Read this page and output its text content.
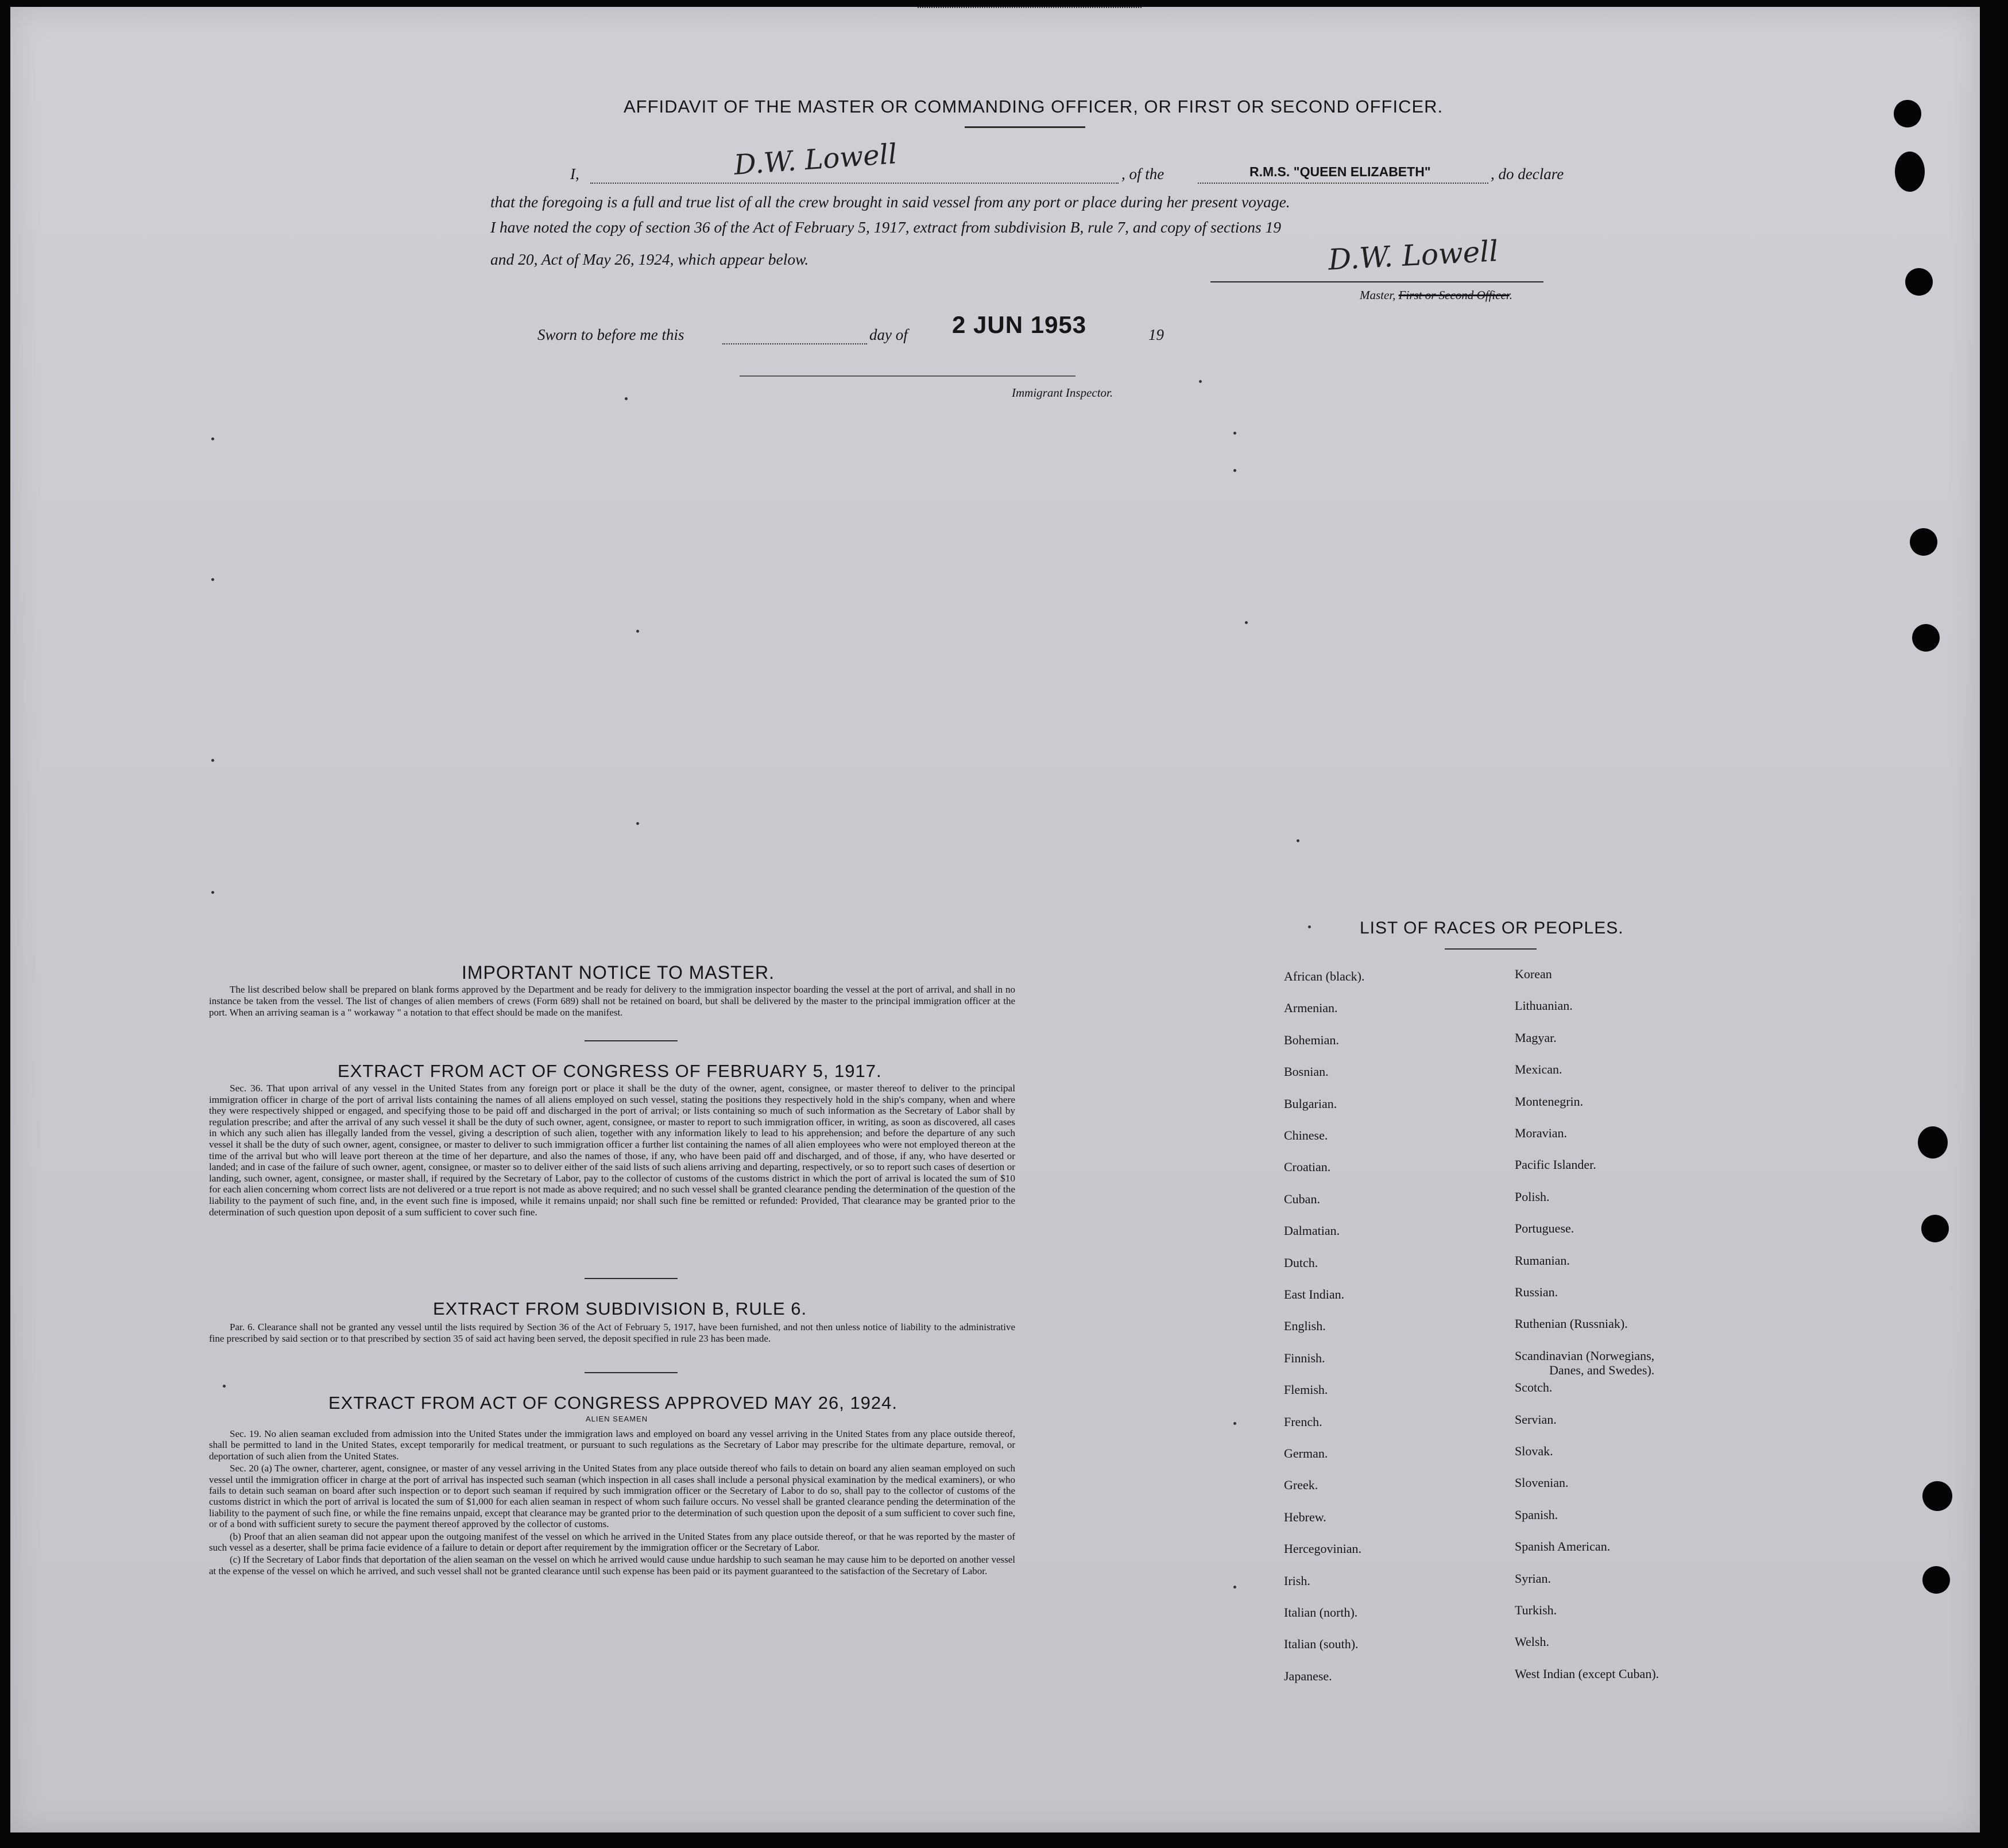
AFFIDAVIT OF THE MASTER OR COMMANDING OFFICER, OR FIRST OR SECOND OFFICER.
I,	D.W. Lowell	, of the	R.M.S. "QUEEN ELIZABETH"	, do declare
that the foregoing is a full and true list of all the crew brought in said vessel from any port or place during her present voyage.
I have noted the copy of section 36 of the Act of February 5, 1917, extract from subdivision B, rule 7, and copy of sections 19
and 20, Act of May 26, 1924, which appear below.	D.W. Lowell
Master, First or Second Officer.
Sworn to before me this	day of 2 JUN 1953	19
Immigrant Inspector.
IMPORTANT NOTICE TO MASTER.

The list described below shall be prepared on blank forms approved by the Department and be ready for delivery to the immigration inspector boarding the vessel at the port of arrival, and shall in no instance be taken from the vessel. The list of changes of alien members of crews (Form 689) shall not be retained on board, but shall be delivered by the master to the principal immigration officer at the port. When an arriving seaman is a " workaway " a notation to that effect should be made on the manifest.

EXTRACT FROM ACT OF CONGRESS OF FEBRUARY 5, 1917.

Sec. 36. That upon arrival of any vessel in the United States from any foreign port or place it shall be the duty of the owner, agent, consignee, or master thereof to deliver to the principal immigration officer in charge of the port of arrival lists containing the names of all aliens employed on such vessel, stating the positions they respectively hold in the ship's company, when and where they were respectively shipped or engaged, and specifying those to be paid off and discharged in the port of arrival; or lists containing so much of such information as the Secretary of Labor shall by regulation prescribe; and after the arrival of any such vessel it shall be the duty of such owner, agent, consignee, or master to report to such immigration officer, in writing, as soon as discovered, all cases in which any such alien has illegally landed from the vessel, giving a description of such alien, together with any information likely to lead to his apprehension; and before the departure of any such vessel it shall be the duty of such owner, agent, consignee, or master to deliver to such immigration officer a further list containing the names of all alien employees who were not employed thereon at the time of the arrival but who will leave port thereon at the time of her departure, and also the names of those, if any, who have been paid off and discharged, and of those, if any, who have deserted or landed; and in case of the failure of such owner, agent, consignee, or master so to deliver either of the said lists of such aliens arriving and departing, respectively, or so to report such cases of desertion or landing, such owner, agent, consignee, or master shall, if required by the Secretary of Labor, pay to the collector of customs of the customs district in which the port of arrival is located the sum of $10 for each alien concerning whom correct lists are not delivered or a true report is not made as above required; and no such vessel shall be granted clearance pending the determination of the question of the liability to the payment of such fine, and, in the event such fine is imposed, while it remains unpaid; nor shall such fine be remitted or refunded: Provided, That clearance may be granted prior to the determination of such question upon deposit of a sum sufficient to cover such fine.

EXTRACT FROM SUBDIVISION B, RULE 6.

Par. 6. Clearance shall not be granted any vessel until the lists required by Section 36 of the Act of February 5, 1917, have been furnished, and not then unless notice of liability to the administrative fine prescribed by said section or to that prescribed by section 35 of said act having been served, the deposit specified in rule 23 has been made.

EXTRACT FROM ACT OF CONGRESS APPROVED MAY 26, 1924.
ALIEN SEAMEN

Sec. 19. No alien seaman excluded from admission into the United States under the immigration laws and employed on board any vessel arriving in the United States from any place outside thereof, shall be permitted to land in the United States, except temporarily for medical treatment, or pursuant to such regulations as the Secretary of Labor may prescribe for the ultimate departure, removal, or deportation of such alien from the United States.

Sec. 20 (a) The owner, charterer, agent, consignee, or master of any vessel arriving in the United States from any place outside thereof who fails to detain on board any alien seaman employed on such vessel until the immigration officer in charge at the port of arrival has inspected such seaman (which inspection in all cases shall include a personal physical examination by the medical examiners), or who fails to detain such seaman on board after such inspection or to deport such seaman if required by such immigration officer or the Secretary of Labor to do so, shall pay to the collector of customs of the customs district in which the port of arrival is located the sum of $1,000 for each alien seaman in respect of whom such failure occurs. No vessel shall be granted clearance pending the determination of the liability to the payment of such fine, or while the fine remains unpaid, except that clearance may be granted prior to the determination of such question upon the deposit of a sum sufficient to cover such fine, or of a bond with sufficient surety to secure the payment thereof approved by the collector of customs.

(b) Proof that an alien seaman did not appear upon the outgoing manifest of the vessel on which he arrived in the United States from any place outside thereof, or that he was reported by the master of such vessel as a deserter, shall be prima facie evidence of a failure to detain or deport after requirement by the immigration officer or the Secretary of Labor.

(c) If the Secretary of Labor finds that deportation of the alien seaman on the vessel on which he arrived would cause undue hardship to such seaman he may cause him to be deported on another vessel at the expense of the vessel on which he arrived, and such vessel shall not be granted clearance until such expense has been paid or its payment guaranteed to the satisfaction of the Secretary of Labor.

LIST OF RACES OR PEOPLES.
African (black).
Armenian.
Bohemian.
Bosnian.
Bulgarian.
Chinese.
Croatian.
Cuban.
Dalmatian.
Dutch.
East Indian.
English.
Finnish.
Flemish.
French.
German.
Greek.
Hebrew.
Hercegovinian.
Irish.
Italian (north).
Italian (south).
Japanese.
Korean
Lithuanian.
Magyar.
Mexican.
Montenegrin.
Moravian.
Pacific Islander.
Polish.
Portuguese.
Rumanian.
Russian.
Ruthenian (Russniak).
Scandinavian (Norwegians,
Danes, and Swedes).
Scotch.
Servian.
Slovak.
Slovenian.
Spanish.
Spanish American.
Syrian.
Turkish.
Welsh.
West Indian (except Cuban).
